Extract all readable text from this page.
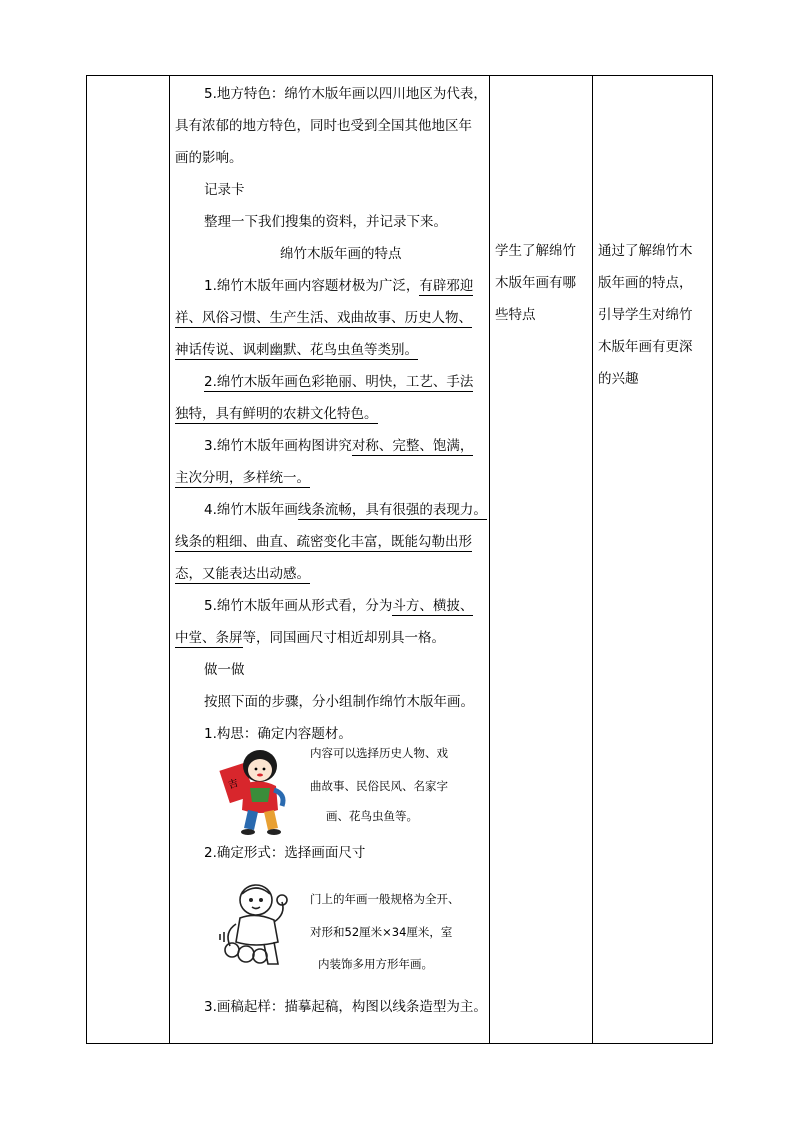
5.地方特色：绵竹木版年画以四川地区为代表，
具有浓郁的地方特色，同时也受到全国其他地区年
画的影响。
记录卡
整理一下我们搜集的资料，并记录下来。
绵竹木版年画的特点
1.绵竹木版年画内容题材极为广泛，有辟邪迎
祥、风俗习惯、生产生活、戏曲故事、历史人物、
神话传说、讽刺幽默、花鸟虫鱼等类别。
2.绵竹木版年画色彩艳丽、明快，工艺、手法
独特，具有鲜明的农耕文化特色。
3.绵竹木版年画构图讲究对称、完整、饱满，
主次分明，多样统一。
4.绵竹木版年画线条流畅，具有很强的表现力。
线条的粗细、曲直、疏密变化丰富，既能勾勒出形
态，又能表达出动感。
5.绵竹木版年画从形式看，分为斗方、横披、
中堂、条屏等，同国画尺寸相近却别具一格。
做一做
按照下面的步骤，分小组制作绵竹木版年画。
1.构思：确定内容题材。
吉
内容可以选择历史人物、戏
曲故事、民俗民风、名家字
画、花鸟虫鱼等。
2.确定形式：选择画面尺寸
门上的年画一般规格为全开、
对形和52厘米×34厘米，室
内装饰多用方形年画。
3.画稿起样：描摹起稿，构图以线条造型为主。

学生了解绵竹
木版年画有哪
些特点

通过了解绵竹木
版年画的特点，
引导学生对绵竹
木版年画有更深
的兴趣
